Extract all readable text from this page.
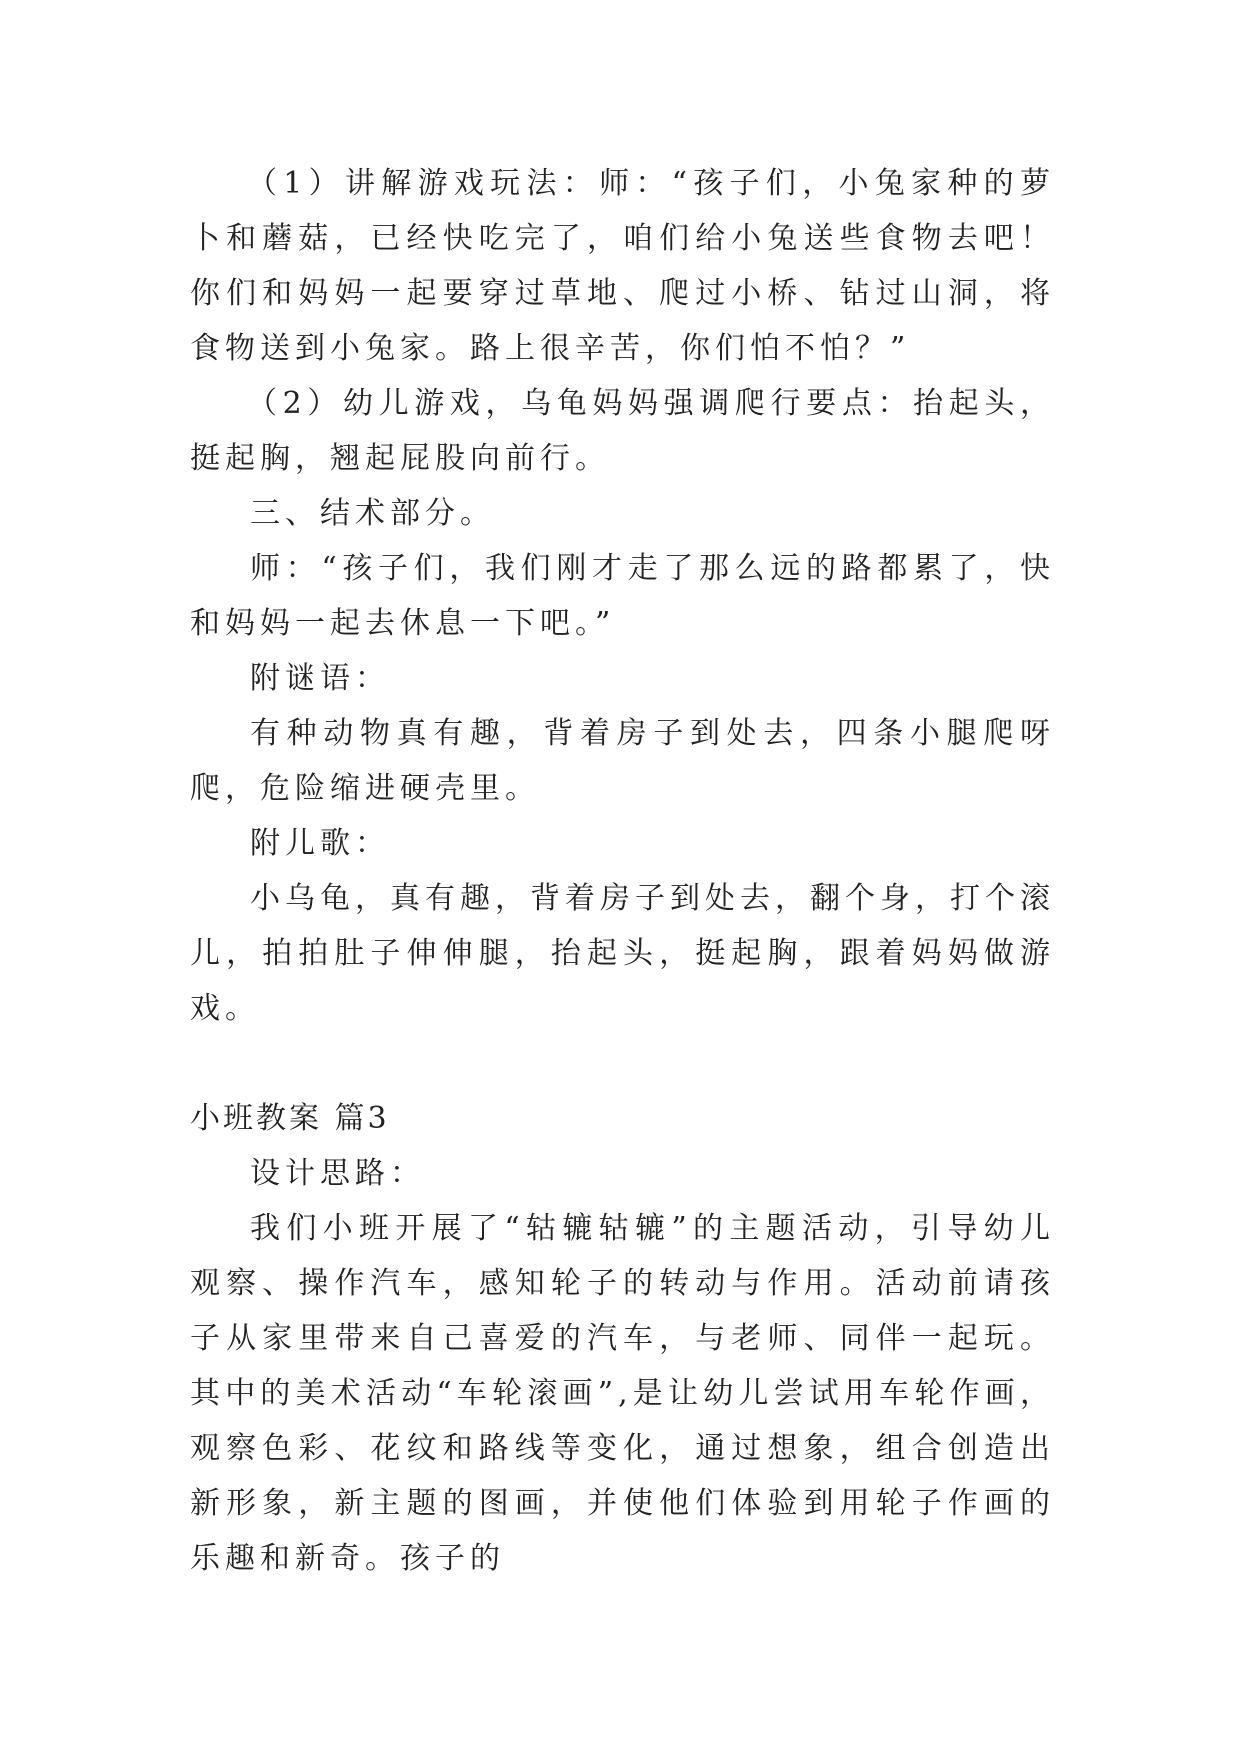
（1）讲解游戏玩法：师：“孩子们，小兔家种的萝卜和蘑菇，已经快吃完了，咱们给小兔送些食物去吧！你们和妈妈一起要穿过草地、爬过小桥、钻过山洞，将食物送到小兔家。路上很辛苦，你们怕不怕？”

（2）幼儿游戏，乌龟妈妈强调爬行要点：抬起头，挺起胸，翘起屁股向前行。

三、结术部分。

师：“孩子们，我们刚才走了那么远的路都累了，快和妈妈一起去休息一下吧。”

附谜语：

有种动物真有趣，背着房子到处去，四条小腿爬呀爬，危险缩进硬壳里。

附儿歌：

小乌龟，真有趣，背着房子到处去，翻个身，打个滚儿，拍拍肚子伸伸腿，抬起头，挺起胸，跟着妈妈做游戏。

小班教案 篇3

设计思路：

我们小班开展了“轱辘轱辘”的主题活动，引导幼儿观察、操作汽车，感知轮子的转动与作用。活动前请孩子从家里带来自己喜爱的汽车，与老师、同伴一起玩。其中的美术活动“车轮滚画”,是让幼儿尝试用车轮作画，观察色彩、花纹和路线等变化，通过想象，组合创造出新形象，新主题的图画，并使他们体验到用轮子作画的乐趣和新奇。孩子的
